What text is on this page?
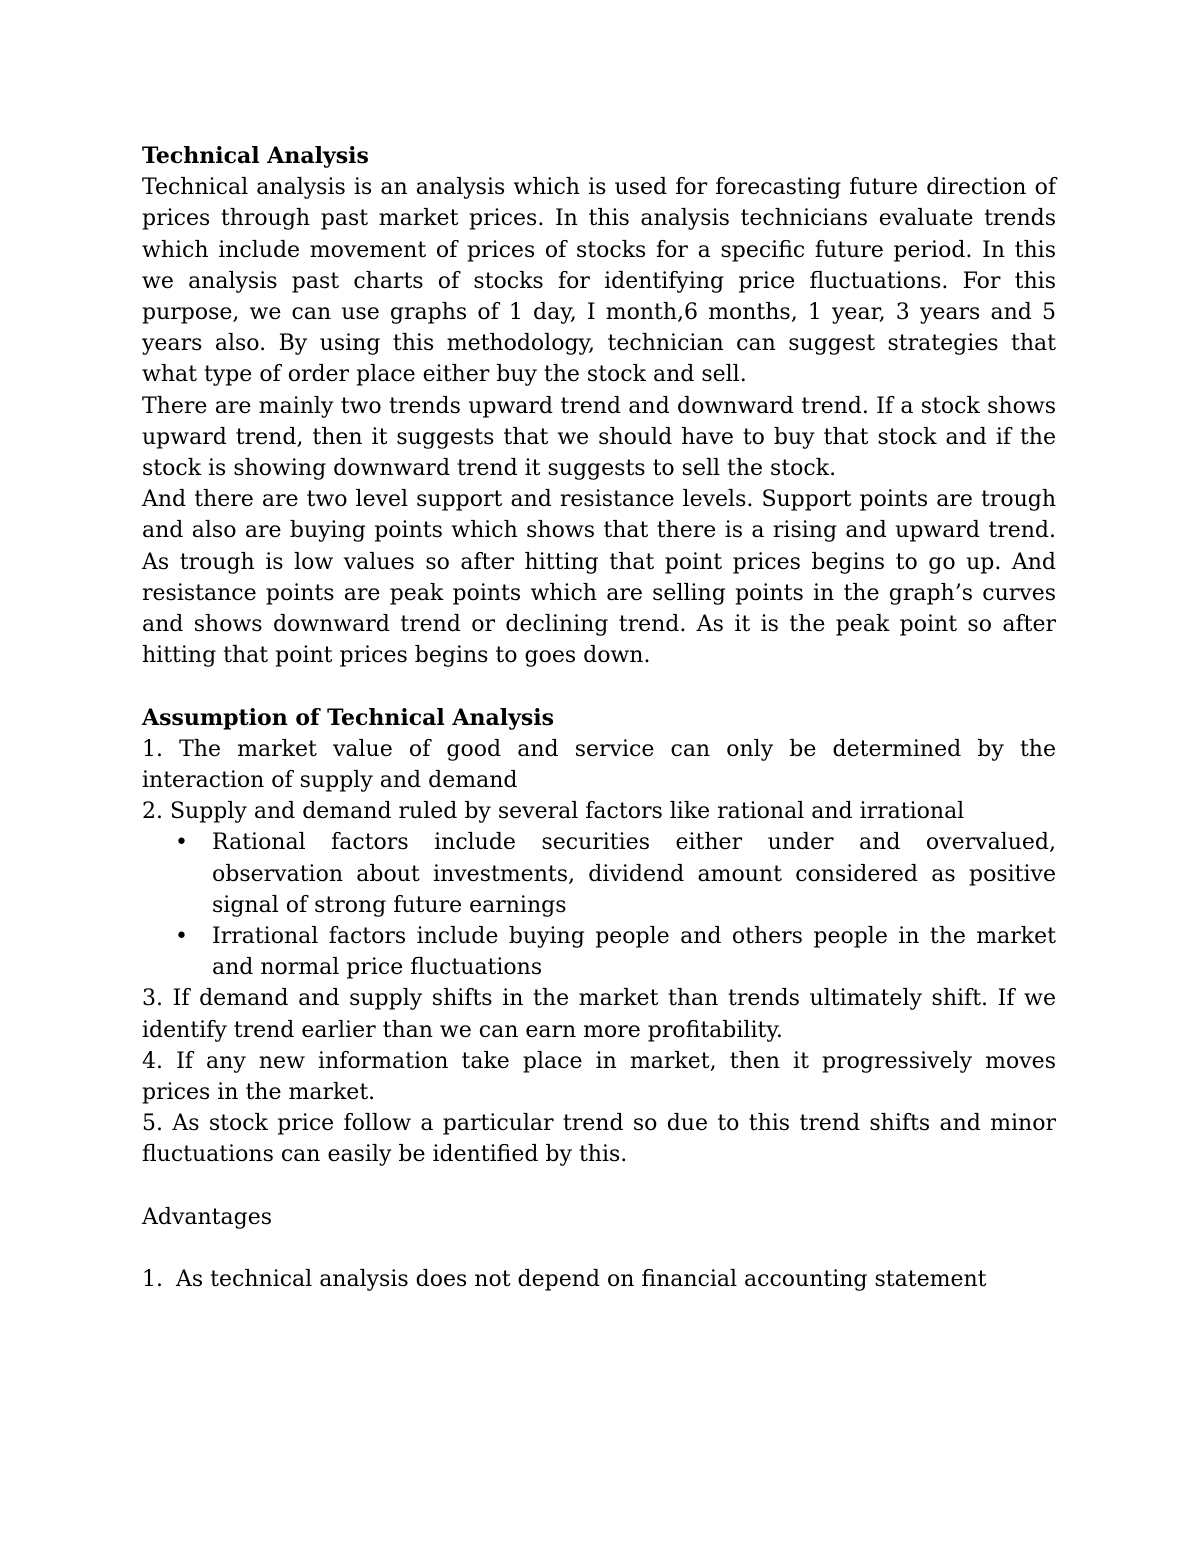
Technical Analysis

Technical analysis is an analysis which is used for forecasting future direction of prices through past market prices. In this analysis technicians evaluate trends which include movement of prices of stocks for a specific future period. In this we analysis past charts of stocks for identifying price fluctuations. For this purpose, we can use graphs of 1 day, I month,6 months, 1 year, 3 years and 5 years also. By using this methodology, technician can suggest strategies that what type of order place either buy the stock and sell.

There are mainly two trends upward trend and downward trend. If a stock shows upward trend, then it suggests that we should have to buy that stock and if the stock is showing downward trend it suggests to sell the stock.

And there are two level support and resistance levels. Support points are trough and also are buying points which shows that there is a rising and upward trend. As trough is low values so after hitting that point prices begins to go up. And resistance points are peak points which are selling points in the graph’s curves and shows downward trend or declining trend. As it is the peak point so after hitting that point prices begins to goes down.

Assumption of Technical Analysis

1. The market value of good and service can only be determined by the interaction of supply and demand

2. Supply and demand ruled by several factors like rational and irrational

• Rational factors include securities either under and overvalued, observation about investments, dividend amount considered as positive signal of strong future earnings
• Irrational factors include buying people and others people in the market and normal price fluctuations

3. If demand and supply shifts in the market than trends ultimately shift. If we identify trend earlier than we can earn more profitability.

4. If any new information take place in market, then it progressively moves prices in the market.

5. As stock price follow a particular trend so due to this trend shifts and minor fluctuations can easily be identified by this.

Advantages

1. As technical analysis does not depend on financial accounting statement
